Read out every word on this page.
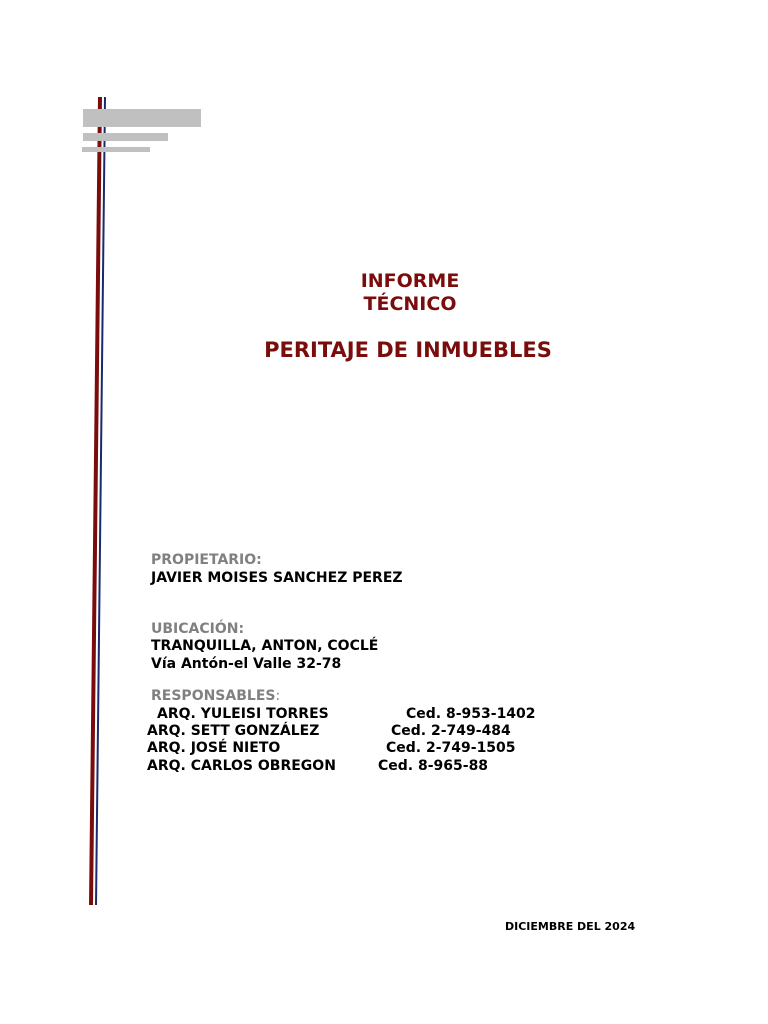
INFORME
TÉCNICO
PERITAJE DE INMUEBLES
PROPIETARIO:
JAVIER MOISES SANCHEZ PEREZ
UBICACIÓN:
TRANQUILLA, ANTON, COCLÉ
Vía Antón-el Valle 32-78
RESPONSABLES:
ARQ. YULEISI TORRES	Ced. 8-953-1402
ARQ. SETT GONZÁLEZ	Ced. 2-749-484
ARQ. JOSÉ NIETO	Ced. 2-749-1505
ARQ. CARLOS OBREGON	Ced. 8-965-88
DICIEMBRE DEL 2024
